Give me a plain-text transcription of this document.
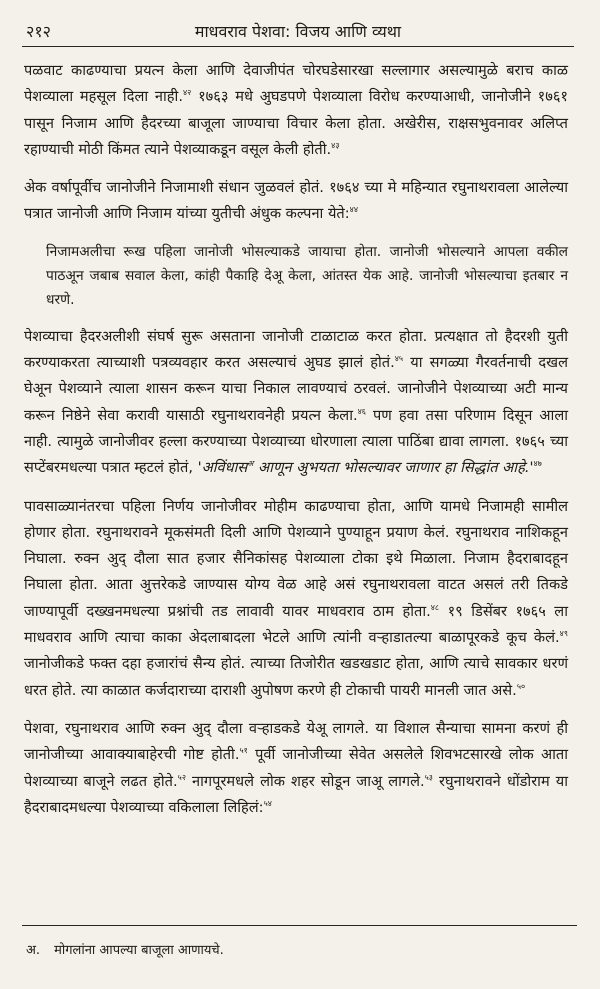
२१२	माधवराव पेशवा: विजय आणि व्यथा

पळवाट काढण्याचा प्रयत्न केला आणि देवाजीपंत चोरघडेसारखा सल्लागार असल्यामुळे बराच काळ पेशव्याला महसूल दिला नाही.$^{४२}$ १७६३ मधे अुघडपणे पेशव्याला विरोध करण्याआधी, जानोजीने १७६१ पासून निजाम आणि हैदरच्या बाजूला जाण्याचा विचार केला होता. अखेरीस, राक्षसभुवनावर अलिप्त रहाण्याची मोठी किंमत त्याने पेशव्याकडून वसूल केली होती.$^{४३}$

अेक वर्षापूर्वीच जानोजीने निजामाशी संधान जुळवलं होतं. १७६४ च्या मे महिन्यात रघुनाथरावला आलेल्या पत्रात जानोजी आणि निजाम यांच्या युतीची अंधुक कल्पना येते:$^{४४}$

निजामअलीचा रूख पहिला जानोजी भोसल्याकडे जायाचा होता. जानोजी भोसल्याने आपला वकील पाठअून जबाब सवाल केला, कांही पैकाहि देअू केला, आंतस्त येक आहे. जानोजी भोसल्याचा इतबार न धरणे.

पेशव्याचा हैदरअलीशी संघर्ष सुरू असताना जानोजी टाळाटाळ करत होता. प्रत्यक्षात तो हैदरशी युती करण्याकरता त्याच्याशी पत्रव्यवहार करत असल्याचं अुघड झालं होतं.$^{४५}$ या सगळ्या गैरवर्तनाची दखल घेअून पेशव्याने त्याला शासन करून याचा निकाल लावण्याचं ठरवलं. जानोजीने पेशव्याच्या अटी मान्य करून निष्ठेने सेवा करावी यासाठी रघुनाथरावनेही प्रयत्न केला.$^{४६}$ पण हवा तसा परिणाम दिसून आला नाही. त्यामुळे जानोजीवर हल्ला करण्याच्या पेशव्याच्या धोरणाला त्याला पाठिंबा द्यावा लागला. १७६५ च्या सप्टेंबरमधल्या पत्रात म्हटलं होतं, 'अविंधास$^अ$ आणून अुभयता भोसल्यावर जाणार हा सिद्धांत $आहे.'^{४७}$

पावसाळ्यानंतरचा पहिला निर्णय जानोजीवर मोहीम काढण्याचा होता, आणि यामधे निजामही सामील होणार होता. रघुनाथरावने मूकसंमती दिली आणि पेशव्याने पुण्याहून प्रयाण केलं. रघुनाथराव नाशिकहून निघाला. रुक्न अुद् दौला सात हजार सैनिकांसह पेशव्याला टोका इथे मिळाला. निजाम हैदराबादहून निघाला होता. आता अुत्तरेकडे जाण्यास योग्य वेळ आहे असं रघुनाथरावला वाटत असलं तरी तिकडे जाण्यापूर्वी दख्खनमधल्या प्रश्नांची तड लावावी यावर माधवराव ठाम होता.$^{४८}$ १९ डिसेंबर १७६५ ला माधवराव आणि त्याचा काका अेदलाबादला भेटले आणि त्यांनी वऱ्हाडातल्या बाळापूरकडे कूच केलं.$^{४९}$ जानोजीकडे फक्त दहा हजारांचं सैन्य होतं. त्याच्या तिजोरीत खडखडाट होता, आणि त्याचे सावकार धरणं धरत होते. त्या काळात कर्जदाराच्या दाराशी अुपोषण करणे ही टोकाची पायरी मानली जात असे.$^{५०}$

पेशवा, रघुनाथराव आणि रुक्न अुद् दौला वऱ्हाडकडे येअू लागले. या विशाल सैन्याचा सामना करणं ही जानोजीच्या आवाक्याबाहेरची गोष्ट होती.$^{५१}$ पूर्वी जानोजीच्या सेवेत असलेले शिवभटसारखे लोक आता पेशव्याच्या बाजूने लढत होते.$^{५२}$ नागपूरमधले लोक शहर सोडून जाअू लागले.$^{५३}$ रघुनाथरावने धोंडोराम या हैदराबादमधल्या पेशव्याच्या वकिलाला लिहिलं:$^{५४}$

अ. मोगलांना आपल्या बाजूला आणायचे.
